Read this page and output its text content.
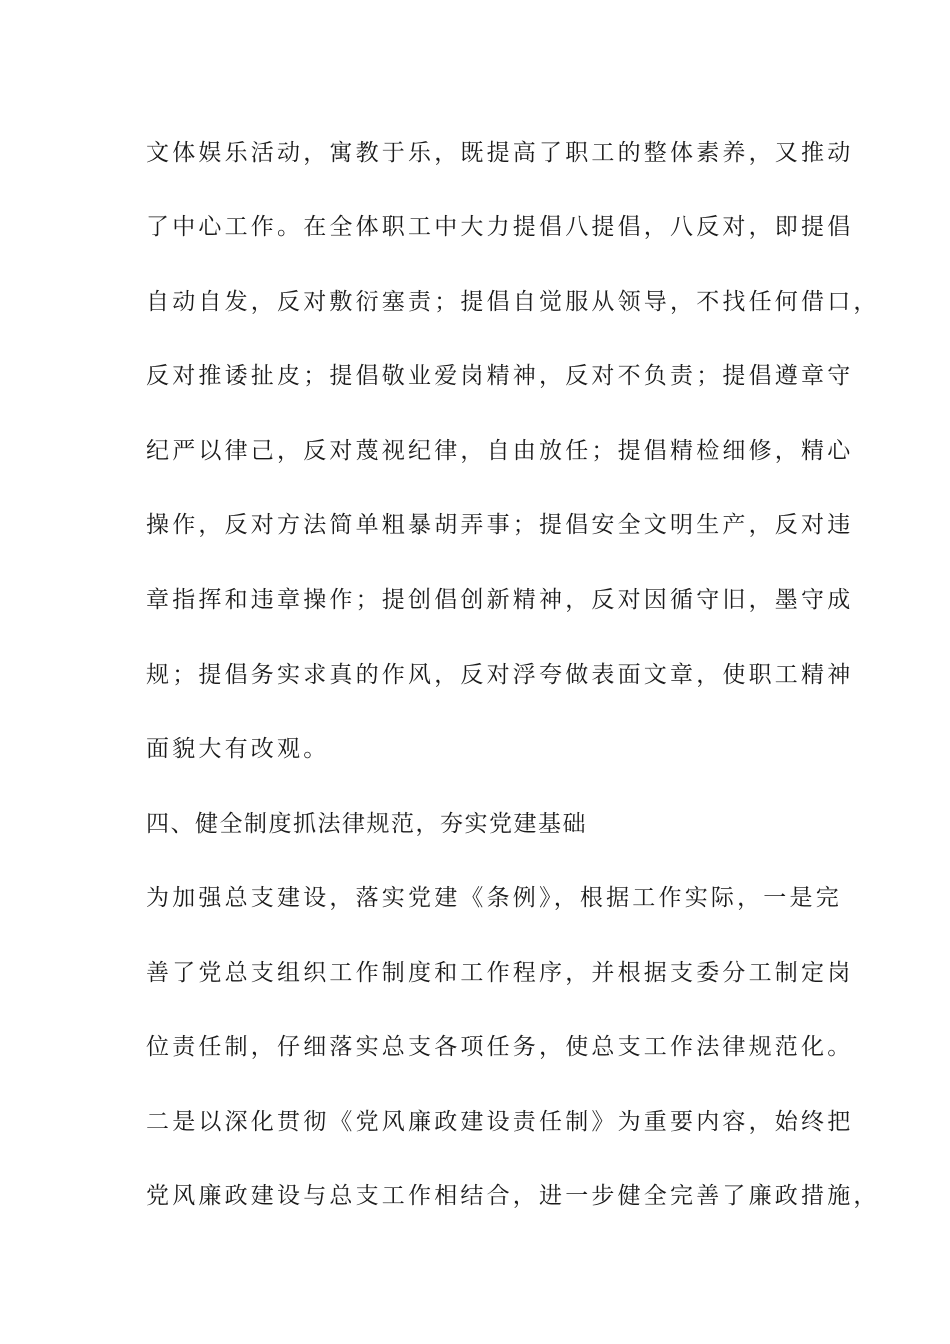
文体娱乐活动，寓教于乐，既提高了职工的整体素养，又推动
了中心工作。在全体职工中大力提倡八提倡，八反对，即提倡
自动自发，反对敷衍塞责；提倡自觉服从领导，不找任何借口，
反对推诿扯皮；提倡敬业爱岗精神，反对不负责；提倡遵章守
纪严以律己，反对蔑视纪律，自由放任；提倡精检细修，精心
操作，反对方法简单粗暴胡弄事；提倡安全文明生产，反对违
章指挥和违章操作；提创倡创新精神，反对因循守旧，墨守成
规；提倡务实求真的作风，反对浮夸做表面文章，使职工精神
面貌大有改观。
四、健全制度抓法律规范，夯实党建基础
为加强总支建设，落实党建《条例》，根据工作实际，一是完
善了党总支组织工作制度和工作程序，并根据支委分工制定岗
位责任制，仔细落实总支各项任务，使总支工作法律规范化。
二是以深化贯彻《党风廉政建设责任制》为重要内容，始终把
党风廉政建设与总支工作相结合，进一步健全完善了廉政措施，
